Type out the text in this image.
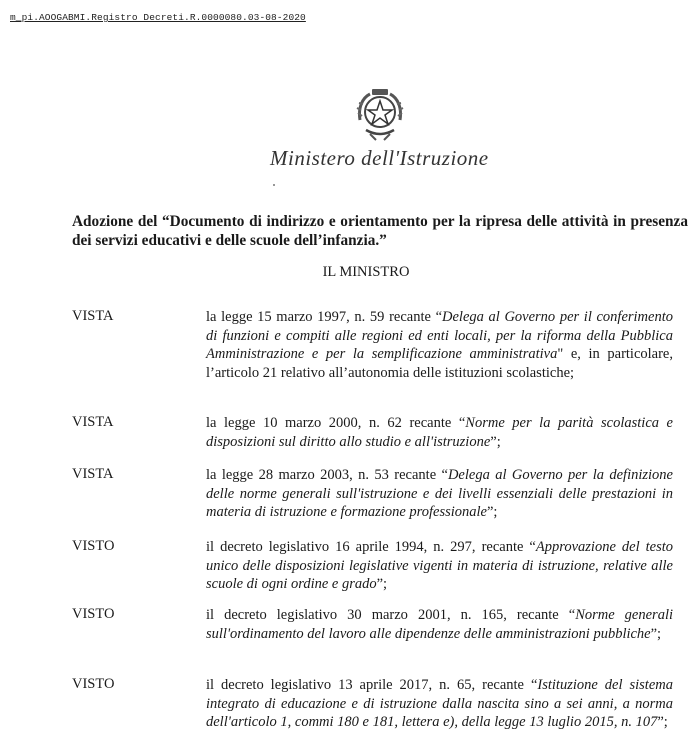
m_pi.AOOGABMI.Registro Decreti.R.0000080.03-08-2020
Ministero dell'Istruzione
Adozione del “Documento di indirizzo e orientamento per la ripresa delle attività in presenza dei servizi educativi e delle scuole dell’infanzia.”
IL MINISTRO
VISTA	la legge 15 marzo 1997, n. 59 recante “Delega al Governo per il conferimento di funzioni e compiti alle regioni ed enti locali, per la riforma della Pubblica Amministrazione e per la semplificazione amministrativa" e, in particolare, l’articolo 21 relativo all’autonomia delle istituzioni scolastiche;
VISTA	la legge 10 marzo 2000, n. 62 recante “Norme per la parità scolastica e disposizioni sul diritto allo studio e all'istruzione”;
VISTA	la legge 28 marzo 2003, n. 53 recante “Delega al Governo per la definizione delle norme generali sull'istruzione e dei livelli essenziali delle prestazioni in materia di istruzione e formazione professionale”;
VISTO	il decreto legislativo 16 aprile 1994, n. 297, recante “Approvazione del testo unico delle disposizioni legislative vigenti in materia di istruzione, relative alle scuole di ogni ordine e grado”;
VISTO	il decreto legislativo 30 marzo 2001, n. 165, recante “Norme generali sull'ordinamento del lavoro alle dipendenze delle amministrazioni pubbliche”;
VISTO	il decreto legislativo 13 aprile 2017, n. 65, recante “Istituzione del sistema integrato di educazione e di istruzione dalla nascita sino a sei anni, a norma dell'articolo 1, commi 180 e 181, lettera e), della legge 13 luglio 2015, n. 107”;
